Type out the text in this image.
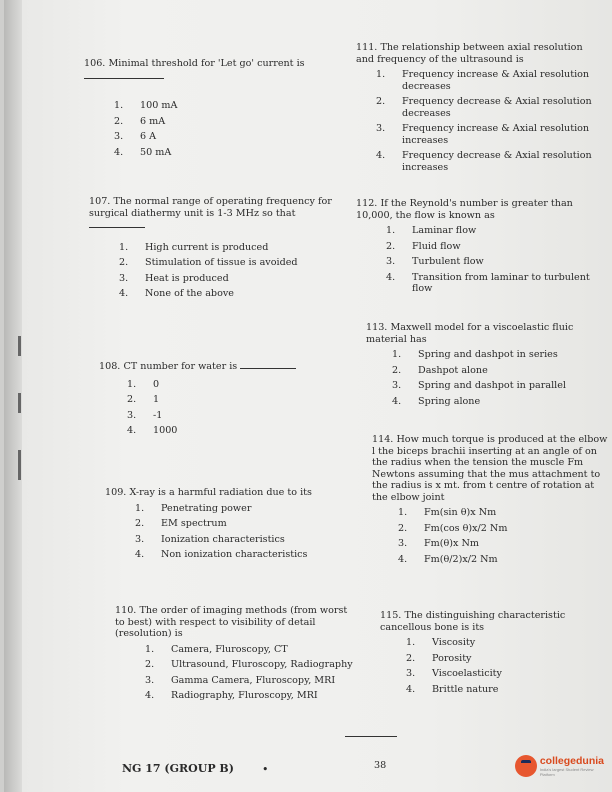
106. Minimal threshold for 'Let go' current is

1.	100 mA
2.	6 mA
3.	6 A
4.	50 mA

107. The normal range of operating frequency for surgical diathermy unit is 1-3 MHz so that

1.	High current is produced
2.	Stimulation of tissue is avoided
3.	Heat is produced
4.	None of the above

108. CT number for water is

1.	0
2.	1
3.	-1
4.	1000

109. X-ray is a harmful radiation due to its

1.	Penetrating power
2.	EM spectrum
3.	Ionization characteristics
4.	Non ionization characteristics

110. The order of imaging methods (from worst to best) with respect to visibility of detail (resolution) is

1.	Camera, Fluroscopy, CT
2.	Ultrasound, Fluroscopy, Radiography
3.	Gamma Camera, Fluroscopy, MRI
4.	Radiography, Fluroscopy, MRI

111. The relationship between axial resolution and frequency of the ultrasound is

1.	Frequency increase & Axial resolution decreases
2.	Frequency decrease & Axial resolution decreases
3.	Frequency increase & Axial resolution increases
4.	Frequency decrease & Axial resolution increases

112. If the Reynold's number is greater than 10,000, the flow is known as

1.	Laminar flow
2.	Fluid flow
3.	Turbulent flow
4.	Transition from laminar to turbulent flow

113. Maxwell model for a viscoelastic fluic material has

1.	Spring and dashpot in series
2.	Dashpot alone
3.	Spring and dashpot in parallel
4.	Spring alone

114. How much torque is produced at the elbow l the biceps brachii inserting at an angle of on the radius when the tension the muscle Fm Newtons assuming that the mus attachment to the radius is x mt. from t centre of rotation at the elbow joint

1.	Fm(sin θ)x Nm
2.	Fm(cos θ)x/2 Nm
3.	Fm(θ)x Nm
4.	Fm(θ/2)x/2 Nm

115. The distinguishing characteristic cancellous bone is its

1.	Viscosity
2.	Porosity
3.	Viscoelasticity
4.	Brittle nature
NG 17 (GROUP B)	•	38	collegedunia
India's largest Student Review Platform
